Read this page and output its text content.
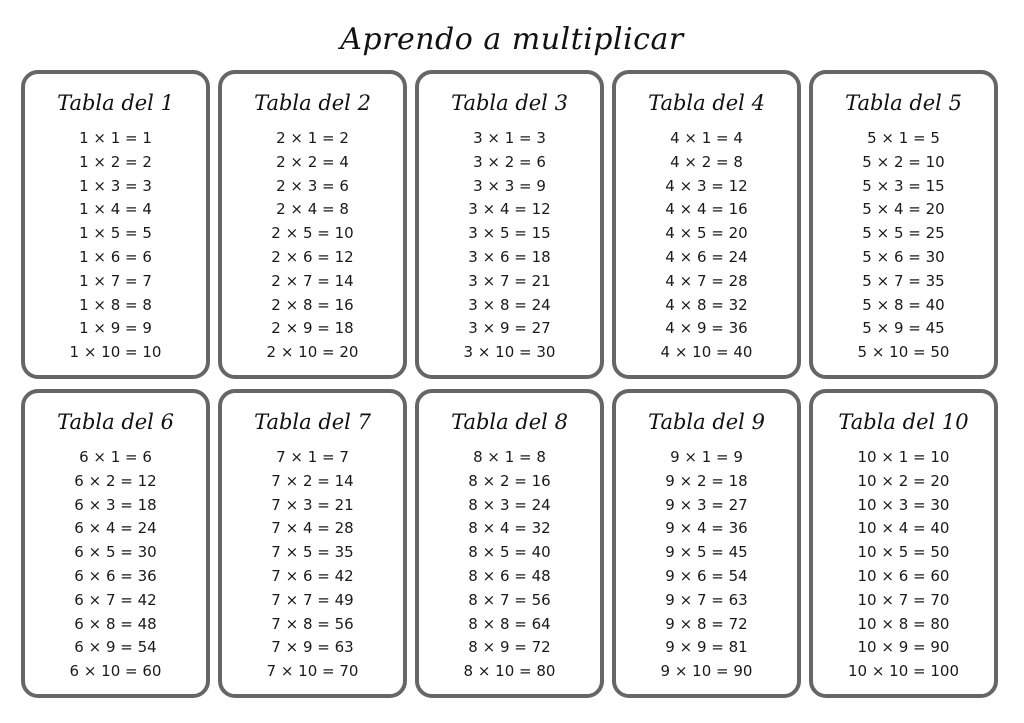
Aprendo a multiplicar
Tabla del 1
1 × 1 = 1
1 × 2 = 2
1 × 3 = 3
1 × 4 = 4
1 × 5 = 5
1 × 6 = 6
1 × 7 = 7
1 × 8 = 8
1 × 9 = 9
1 × 10 = 10
Tabla del 2
2 × 1 = 2
2 × 2 = 4
2 × 3 = 6
2 × 4 = 8
2 × 5 = 10
2 × 6 = 12
2 × 7 = 14
2 × 8 = 16
2 × 9 = 18
2 × 10 = 20
Tabla del 3
3 × 1 = 3
3 × 2 = 6
3 × 3 = 9
3 × 4 = 12
3 × 5 = 15
3 × 6 = 18
3 × 7 = 21
3 × 8 = 24
3 × 9 = 27
3 × 10 = 30
Tabla del 4
4 × 1 = 4
4 × 2 = 8
4 × 3 = 12
4 × 4 = 16
4 × 5 = 20
4 × 6 = 24
4 × 7 = 28
4 × 8 = 32
4 × 9 = 36
4 × 10 = 40
Tabla del 5
5 × 1 = 5
5 × 2 = 10
5 × 3 = 15
5 × 4 = 20
5 × 5 = 25
5 × 6 = 30
5 × 7 = 35
5 × 8 = 40
5 × 9 = 45
5 × 10 = 50
Tabla del 6
6 × 1 = 6
6 × 2 = 12
6 × 3 = 18
6 × 4 = 24
6 × 5 = 30
6 × 6 = 36
6 × 7 = 42
6 × 8 = 48
6 × 9 = 54
6 × 10 = 60
Tabla del 7
7 × 1 = 7
7 × 2 = 14
7 × 3 = 21
7 × 4 = 28
7 × 5 = 35
7 × 6 = 42
7 × 7 = 49
7 × 8 = 56
7 × 9 = 63
7 × 10 = 70
Tabla del 8
8 × 1 = 8
8 × 2 = 16
8 × 3 = 24
8 × 4 = 32
8 × 5 = 40
8 × 6 = 48
8 × 7 = 56
8 × 8 = 64
8 × 9 = 72
8 × 10 = 80
Tabla del 9
9 × 1 = 9
9 × 2 = 18
9 × 3 = 27
9 × 4 = 36
9 × 5 = 45
9 × 6 = 54
9 × 7 = 63
9 × 8 = 72
9 × 9 = 81
9 × 10 = 90
Tabla del 10
10 × 1 = 10
10 × 2 = 20
10 × 3 = 30
10 × 4 = 40
10 × 5 = 50
10 × 6 = 60
10 × 7 = 70
10 × 8 = 80
10 × 9 = 90
10 × 10 = 100
